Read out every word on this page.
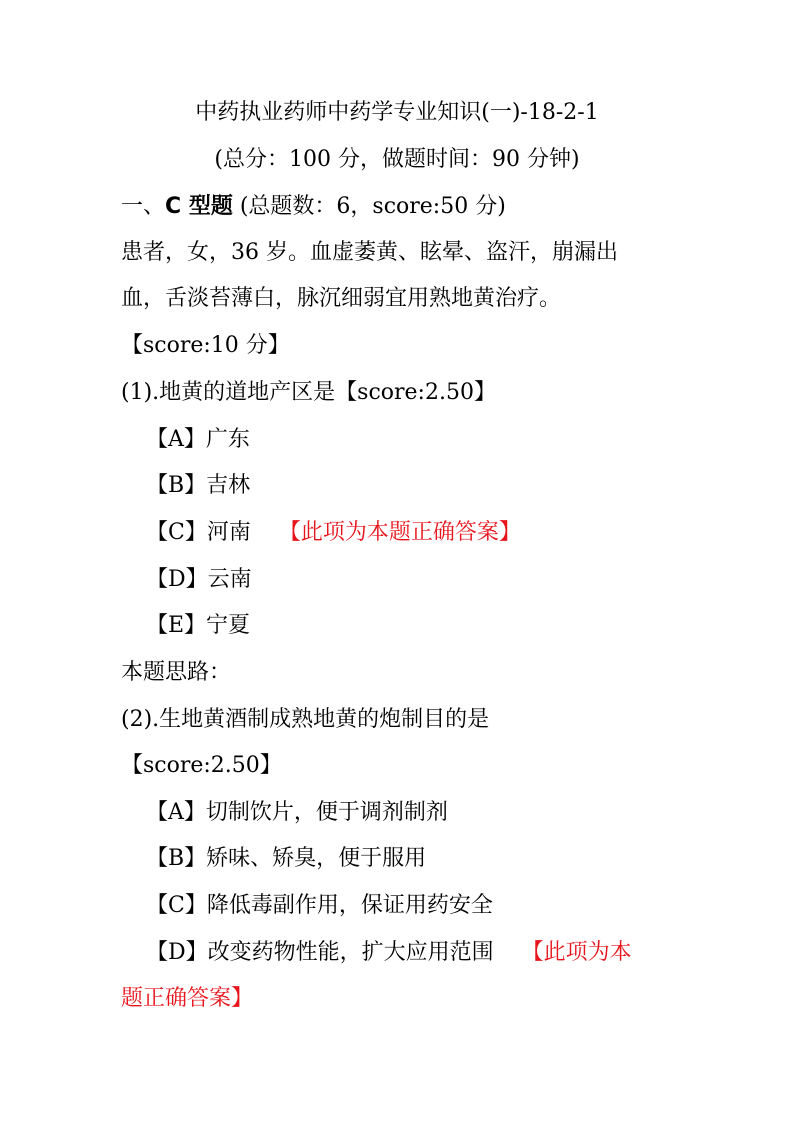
中药执业药师中药学专业知识(一)-18-2-1
(总分：100 分，做题时间：90 分钟)
一、C 型题 (总题数：6，score:50 分)
患者，女，36 岁。血虚萎黄、眩晕、盗汗，崩漏出
血，舌淡苔薄白，脉沉细弱宜用熟地黄治疗。
【score:10 分】
(1).地黄的道地产区是【score:2.50】
【A】广东
【B】吉林
【C】河南 【此项为本题正确答案】
【D】云南
【E】宁夏
本题思路：
(2).生地黄酒制成熟地黄的炮制目的是
【score:2.50】
【A】切制饮片，便于调剂制剂
【B】矫味、矫臭，便于服用
【C】降低毒副作用，保证用药安全
【D】改变药物性能，扩大应用范围 【此项为本
题正确答案】
